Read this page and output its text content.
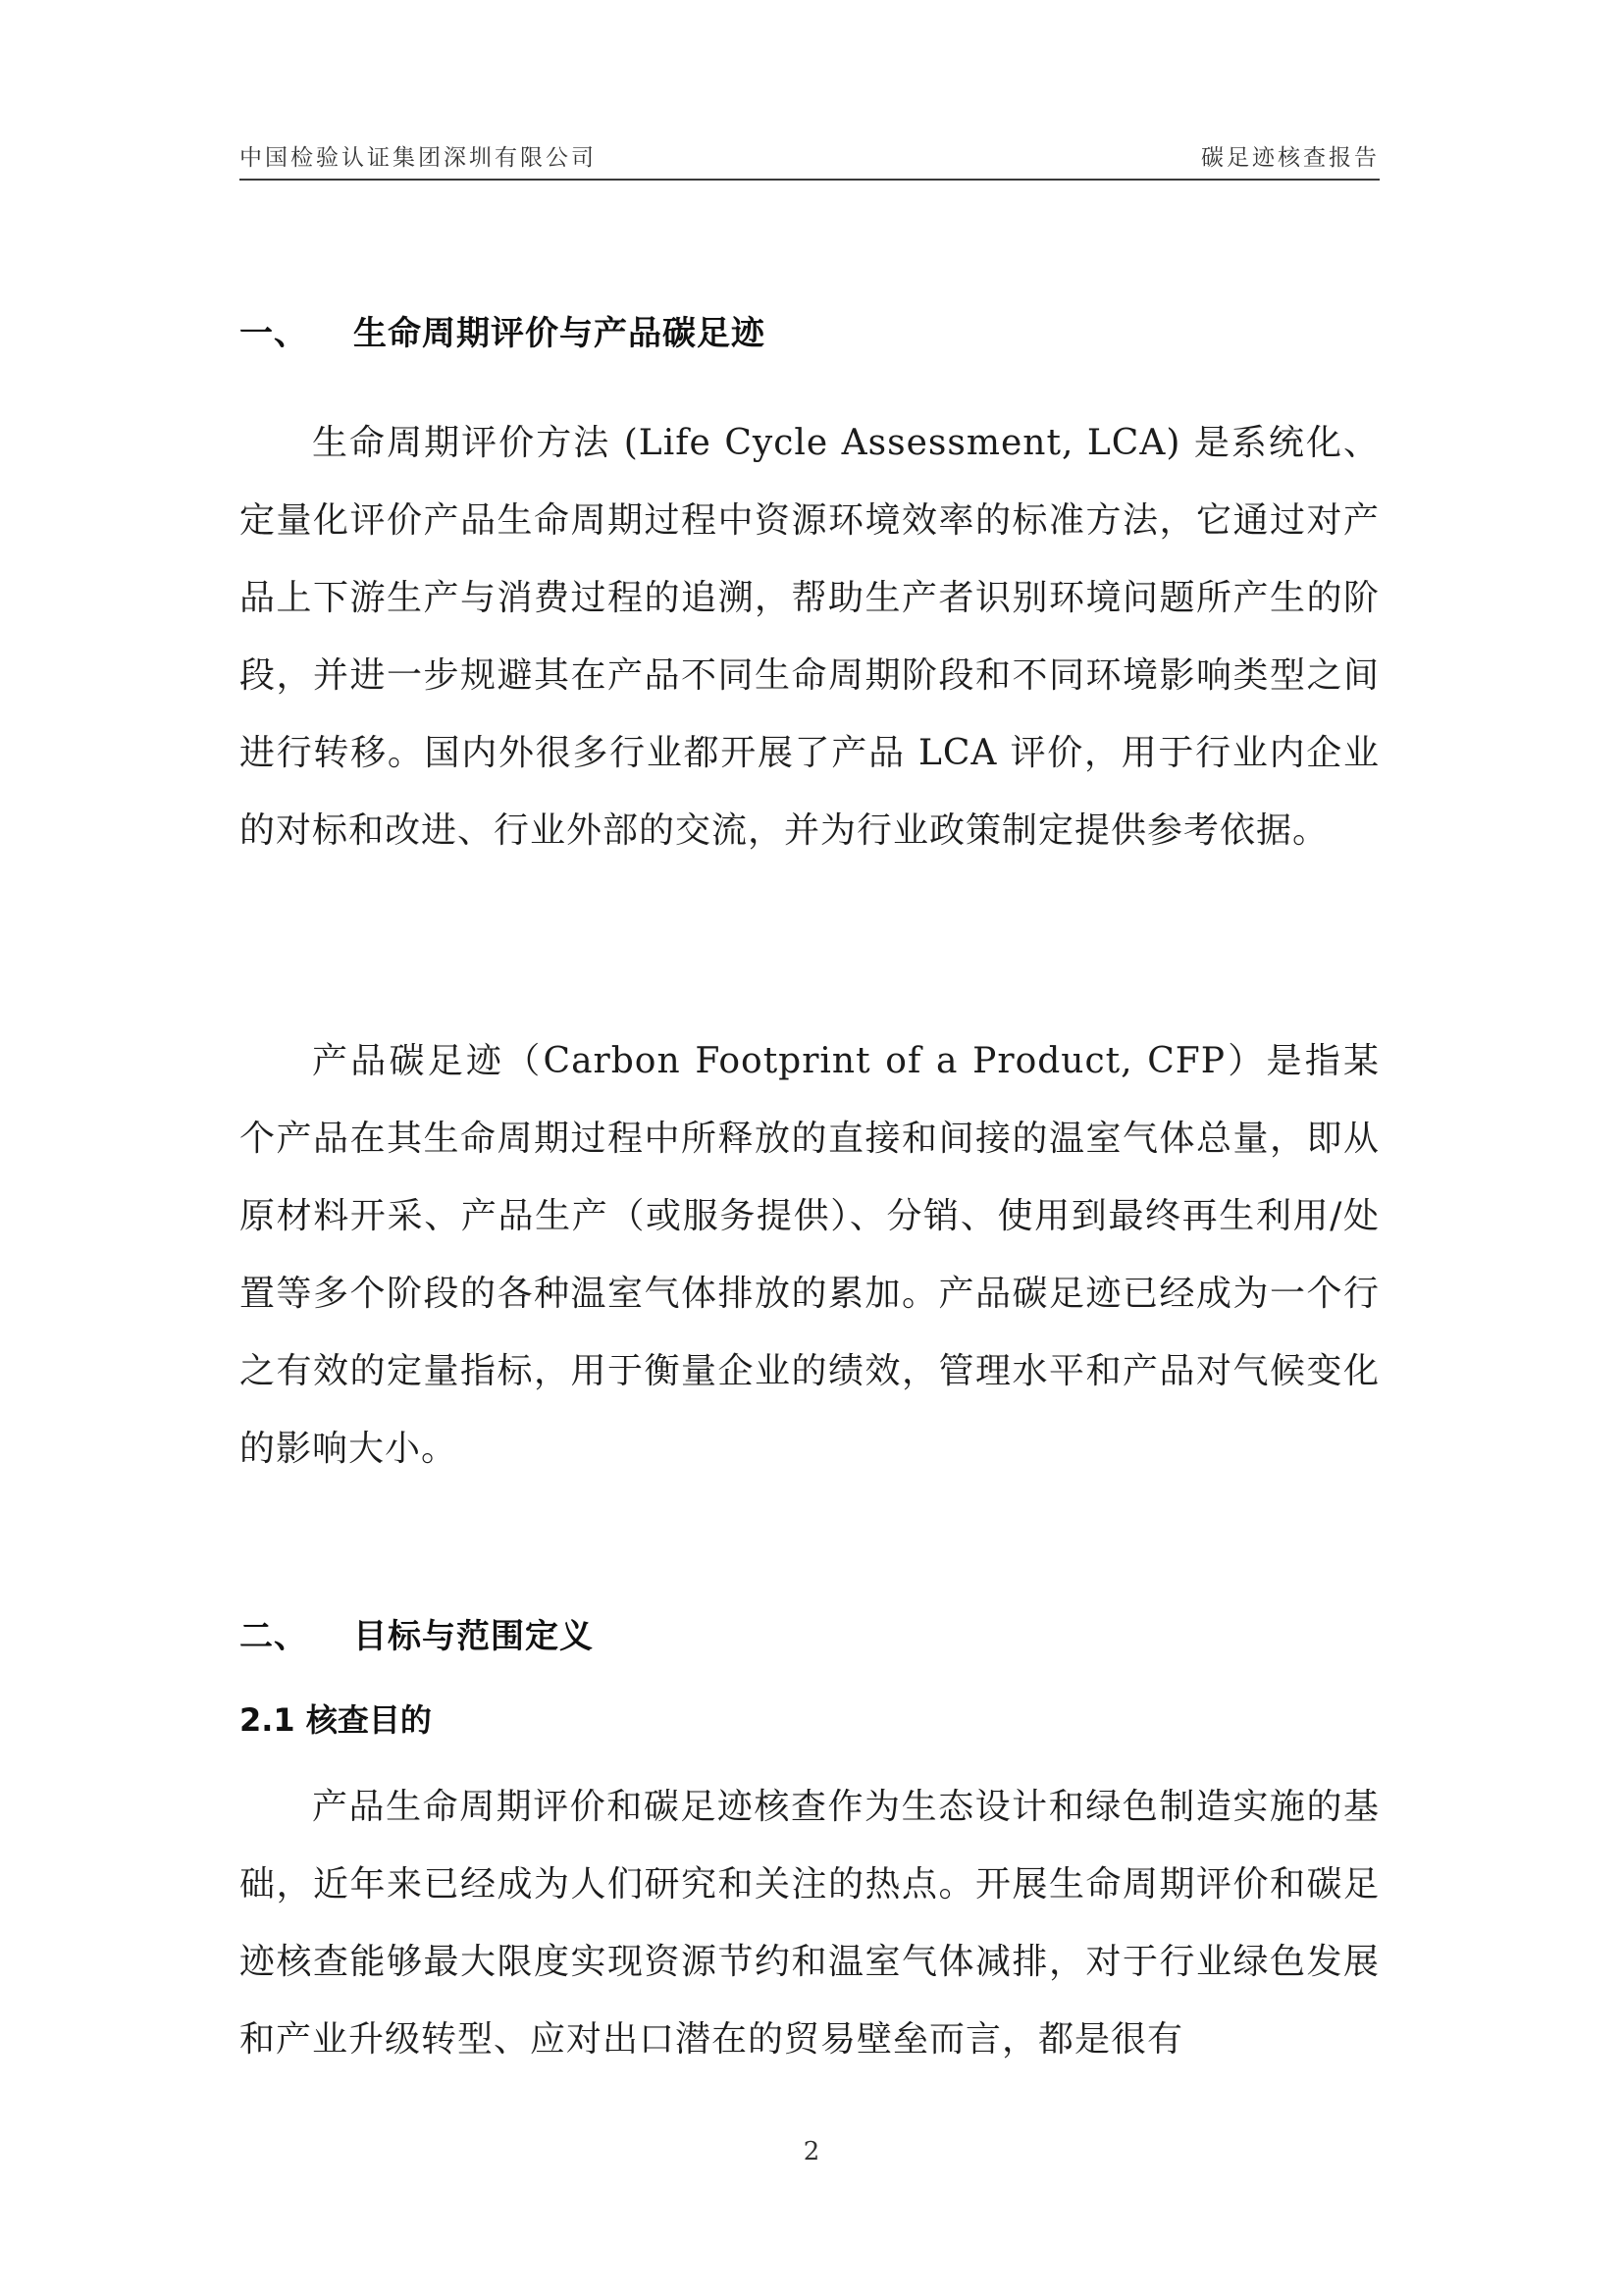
中国检验认证集团深圳有限公司	碳足迹核查报告
一、 生命周期评价与产品碳足迹

生命周期评价方法 (Life Cycle Assessment, LCA) 是系统化、定量化评价产品生命周期过程中资源环境效率的标准方法，它通过对产品上下游生产与消费过程的追溯，帮助生产者识别环境问题所产生的阶段，并进一步规避其在产品不同生命周期阶段和不同环境影响类型之间进行转移。国内外很多行业都开展了产品 LCA 评价，用于行业内企业的对标和改进、行业外部的交流，并为行业政策制定提供参考依据。

产品碳足迹（Carbon Footprint of a Product, CFP）是指某个产品在其生命周期过程中所释放的直接和间接的温室气体总量，即从原材料开采、产品生产（或服务提供）、分销、使用到最终再生利用/处置等多个阶段的各种温室气体排放的累加。产品碳足迹已经成为一个行之有效的定量指标，用于衡量企业的绩效，管理水平和产品对气候变化的影响大小。

二、 目标与范围定义
2.1 核查目的

产品生命周期评价和碳足迹核查作为生态设计和绿色制造实施的基础，近年来已经成为人们研究和关注的热点。开展生命周期评价和碳足迹核查能够最大限度实现资源节约和温室气体减排，对于行业绿色发展和产业升级转型、应对出口潜在的贸易壁垒而言，都是很有

2
